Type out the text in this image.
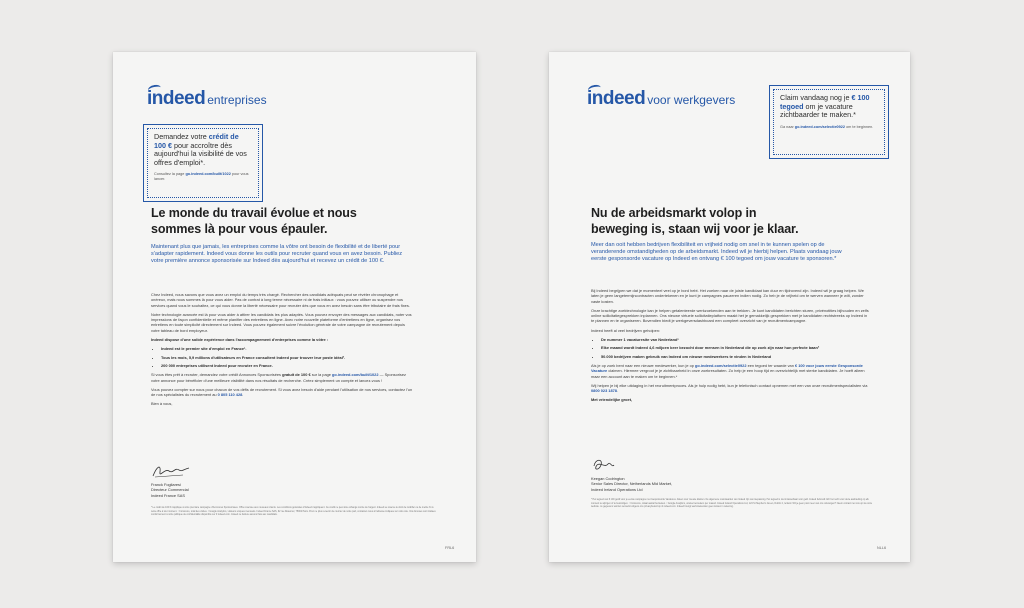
indeed entreprises
Demandez votre crédit de 100 € pour accroître dès aujourd'hui la visibilité de vos offres d'emploi*.
Consultez la page go.indeed.com/built/1022 pour vous lancer.
Le monde du travail évolue et nous sommes là pour vous épauler.
Maintenant plus que jamais, les entreprises comme la vôtre ont besoin de flexibilité et de liberté pour s'adapter rapidement. Indeed vous donne les outils pour recruter quand vous en avez besoin. Publiez votre première annonce sponsorisée sur Indeed dès aujourd'hui et recevez un crédit de 100 €.

Chez Indeed, nous savons que vous avez un emploi du temps très chargé. Rechercher des candidats adéquats peut se révéler chronophage et onéreux, mais nous sommes là pour vous aider. Pas de contrat à long terme nécessaire ni de frais initiaux : vous pouvez utiliser ou suspendre nos services quand vous le souhaitez, ce qui vous donne la liberté nécessaire pour recruter dès que vous en avez besoin sans être tributaire de frais fixes.

Notre technologie avancée est là pour vous aider à attirer les candidats les plus adaptés. Vous pouvez envoyer des messages aux candidats, noter vos impressions de façon confidentielle et même planifier des entretiens en ligne. Avec notre nouvelle plateforme d'entretiens en ligne, organisez vos entretiens en toute simplicité directement sur Indeed. Vous pouvez également suivre l'évolution générale de votre campagne de recrutement depuis votre tableau de bord employeur.

Indeed dispose d'une solide expérience dans l'accompagnement d'entreprises comme la vôtre :

• Indeed est le premier site d'emploi en France¹.
• Tous les mois, 5,9 millions d'utilisateurs en France consultent Indeed pour trouver leur poste idéal².
• 200 000 entreprises utilisent Indeed pour recruter en France.

Si vous êtes prêt à recruter, demandez votre crédit Annonces Sponsorisées gratuit de 100 € sur la page go.indeed.com/built/1022 — Sponsorisez votre annonce pour bénéficier d'une meilleure visibilité dans nos résultats de recherche. Créez simplement un compte et lancez-vous !

Vous pouvez compter sur nous pour chacun de vos défis de recrutement. Si vous avez besoin d'aide pendant l'utilisation de nos services, contactez l'un de nos spécialistes du recrutement au 0 805 110 428.

Bien à vous,

Franck Fogliaresi
Directeur Commercial
Indeed France SAS
* Le crédit de 100 € s'applique à votre première campagne d'Annonces Sponsorisées. Offre réservée aux nouveaux clients. Les conditions générales d'Indeed s'appliquent. Ce crédit ne peut être échangé contre de l'argent. Indeed se réserve le droit de modifier ou de mettre fin à cette offre à tout moment. ¹ Comscore, total des visites. ² Google Analytics, visiteurs uniques mensuels. Indeed France SAS, 92 rue Réaumur, 75002 Paris. Pour ne plus recevoir de courrier de notre part, contactez-nous à l'adresse indiquée sur notre site. Vos données sont traitées conformément à notre politique de confidentialité disponible sur fr.indeed.com. Indeed ne facture aucuns frais aux candidats.
FRL6
indeed voor werkgevers	Claim vandaag nog je € 100 tegoed om je vacature zichtbaarder te maken.*
Ga naar go.indeed.com/selectie0922 om te beginnen.
Nu de arbeidsmarkt volop in beweging is, staan wij voor je klaar.
Meer dan ooit hebben bedrijven flexibiliteit en vrijheid nodig om snel in te kunnen spelen op de veranderende omstandigheden op de arbeidsmarkt. Indeed wil je hierbij helpen. Plaats vandaag jouw eerste gesponsorde vacature op Indeed en ontvang € 100 tegoed om jouw vacature te sponsoren.*

Bij Indeed begrijpen we dat je momenteel veel op je bord hebt. Het zoeken naar de juiste kandidaat kan duur en tijdrovend zijn. Indeed wil je graag helpen. We laten je geen langetermijncontracten ondertekenen en je kunt je campagnes pauzeren indien nodig. Zo heb je de vrijheid om te werven wanneer je wilt, zonder vaste kosten.

Onze krachtige zoektechnologie kan je helpen getalenteerde werkzoekenden aan te trekken. Je kunt kandidaten berichten sturen, privénotities bijhouden en zelfs online sollicitatiegesprekken inplannen. Ons nieuwe virtuele sollicitatieplatform maakt het je gemakkelijk gesprekken met je kandidaten rechtstreeks op Indeed in te plannen en te organiseren. Bovendien biedt je werkgeversdashboard een compleet overzicht van je recruitmentcampagne.

Indeed heeft al veel bedrijven geholpen:

• De nummer 1 vacaturesite van Nederland¹
• Elke maand wordt Indeed 4,6 miljoen keer bezocht door mensen in Nederland die op zoek zijn naar hun perfecte baan²
• 50.000 bedrijven maken gebruik van Indeed om nieuwe medewerkers te vinden in Nederland

Als je op zoek bent naar een nieuwe medewerker, kun je op go.indeed.com/selectie0922 een tegoed ter waarde van € 100 voor jouw eerste Gesponsorde Vacature claimen. Hiermee vergroot je je zichtbaarheid in onze zoekresultaten. Zo help je een hoop tijd en overzichtelijk met sterke kandidaten. Je hoeft alleen maar een account aan te maken om te beginnen.*

Wij helpen je bij elke uitdaging in het recruitmentproces. Als je hulp nodig hebt, kun je telefonisch contact opnemen met een van onze recruitmentspecialisten via 0800 023 1878.

Met vriendelijke groet,

Keegan Codrington
Senior Sales Director, Netherlands Mid Market,
Indeed Ireland Operations Ltd
* Het tegoed van € 100 geldt voor je eerste campagne met Gesponsorde Vacatures. Alleen voor nieuwe klanten. De algemene voorwaarden van Indeed zijn van toepassing. Het tegoed is niet inwisselbaar voor geld. Indeed behoudt zich het recht voor deze aanbieding op elk moment te wijzigen of te beëindigen. ¹ Comscore, totaal aantal bezoeken. ² Google Analytics, unieke bezoekers per maand. Indeed Ireland Operations Ltd, 124 St Stephen's Green, Dublin 2, Ierland. Wil je geen post meer van ons ontvangen? Neem contact met ons op via onze website. Je gegevens worden verwerkt volgens ons privacybeleid op nl.indeed.com. Indeed brengt werkzoekenden geen kosten in rekening.
NLL6
